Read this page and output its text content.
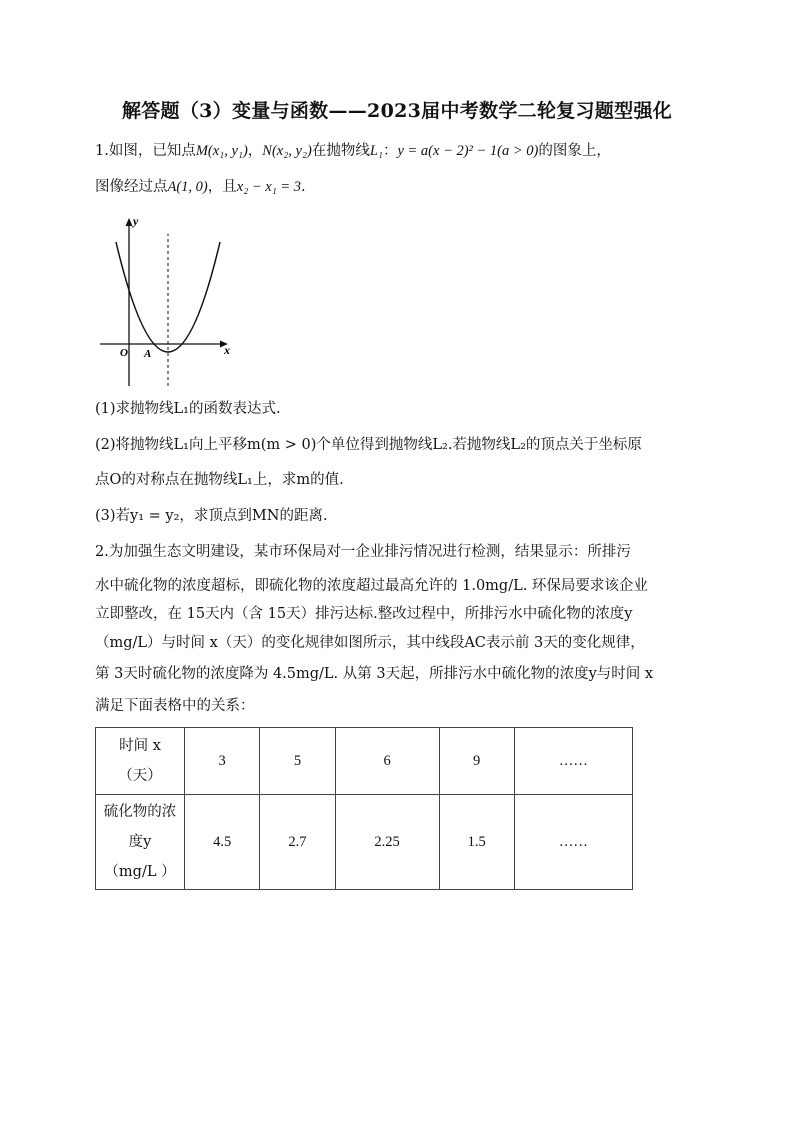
解答题（3）变量与函数——2023届中考数学二轮复习题型强化
1.如图，已知点M(x₁, y₁)，N(x₂, y₂)在抛物线L₁：y = a(x − 2)² − 1(a > 0)的图象上，
图像经过点A(1, 0)，且x₂ − x₁ = 3.
y
x
O A
(1)求抛物线L₁的函数表达式.
(2)将抛物线L₁向上平移m(m > 0)个单位得到抛物线L₂.若抛物线L₂的顶点关于坐标原
点O的对称点在抛物线L₁上，求m的值.
(3)若y₁ = y₂，求顶点到MN的距离.
2.为加强生态文明建设，某市环保局对一企业排污情况进行检测，结果显示：所排污
水中硫化物的浓度超标，即硫化物的浓度超过最高允许的 1.0mg/L. 环保局要求该企业
立即整改，在 15天内（含 15天）排污达标.整改过程中，所排污水中硫化物的浓度y
（mg/L）与时间 x（天）的变化规律如图所示，其中线段AC表示前 3天的变化规律，
第 3天时硫化物的浓度降为 4.5mg/L. 从第 3天起，所排污水中硫化物的浓度y与时间 x
满足下面表格中的关系：
时间 x
（天）	3	5	6	9	……

硫化物的浓
度y
（mg/L ）	4.5	2.7	2.25	1.5	……
